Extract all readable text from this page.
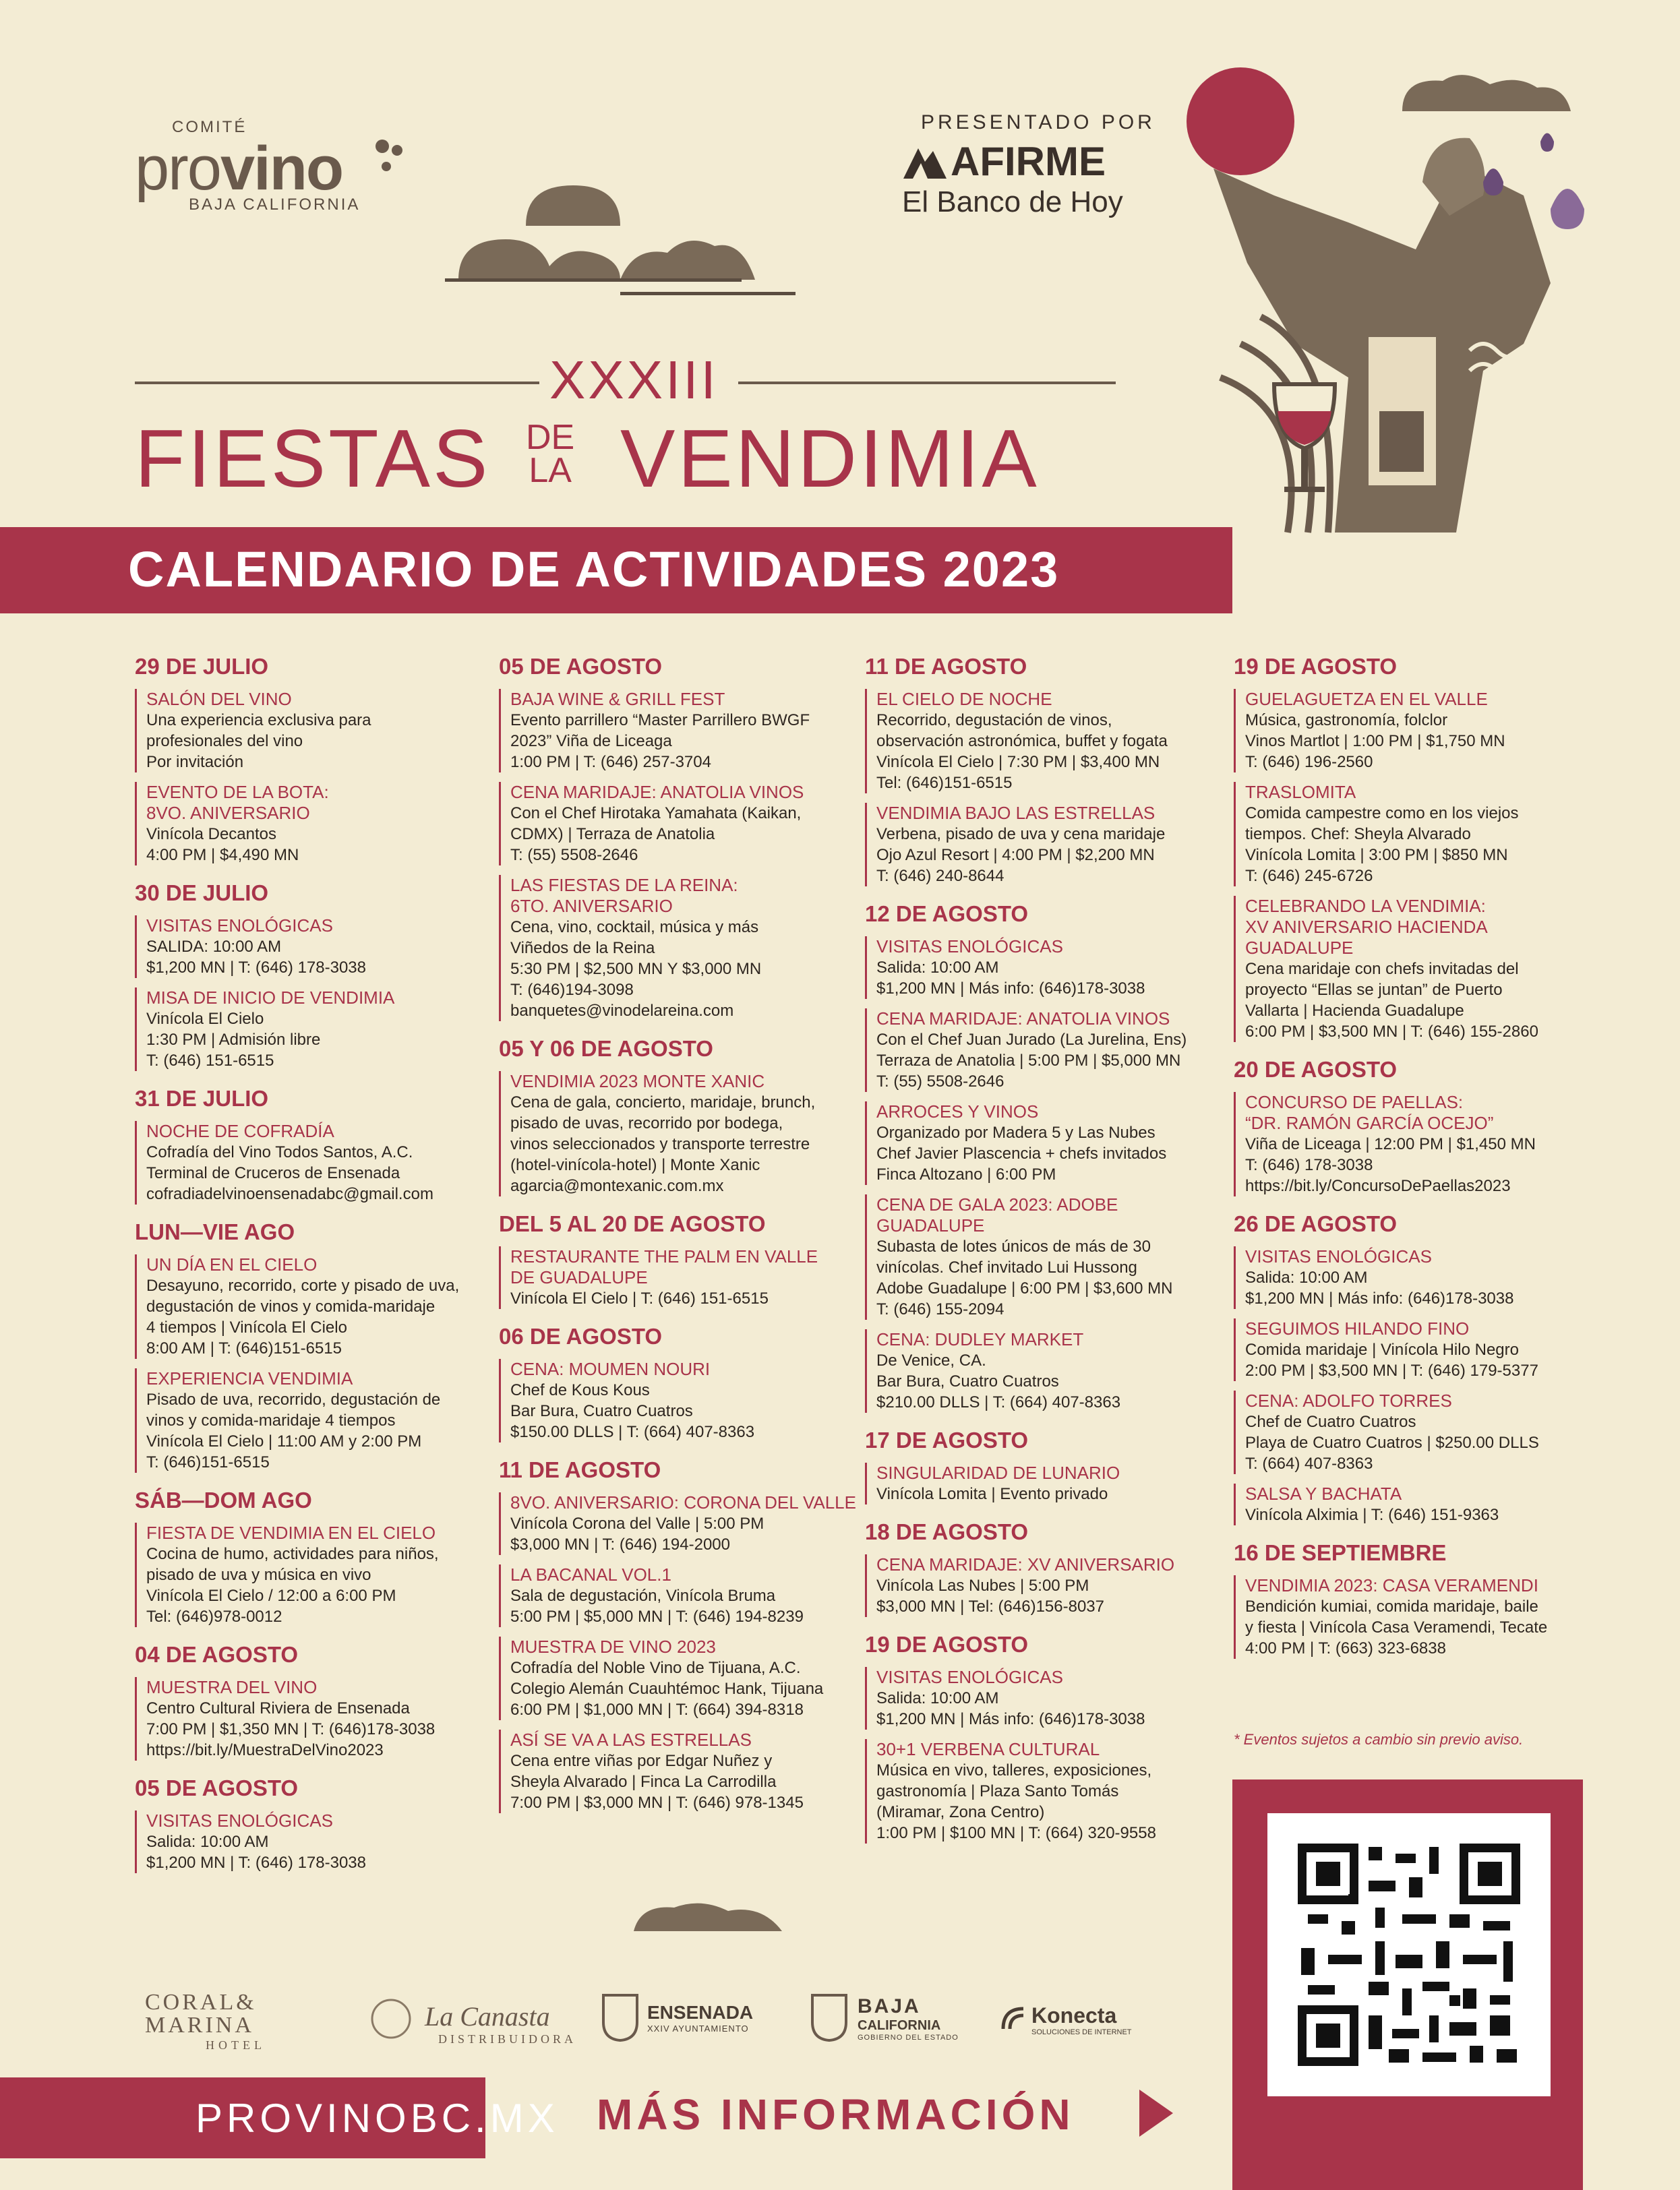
COMITÉ
provino
BAJA CALIFORNIA
PRESENTADO POR
AFIRME
El Banco de Hoy
XXXIII
FIESTAS DE
LA VENDIMIA
CALENDARIO DE ACTIVIDADES 2023
29 DE JULIO
SALÓN DEL VINO
Una experiencia exclusiva para
profesionales del vino
Por invitación
EVENTO DE LA BOTA:
8VO. ANIVERSARIO
Vinícola Decantos
4:00 PM | $4,490 MN
30 DE JULIO
VISITAS ENOLÓGICAS
SALIDA: 10:00 AM
$1,200 MN | T: (646) 178-3038
MISA DE INICIO DE VENDIMIA
Vinícola El Cielo
1:30 PM | Admisión libre
T: (646) 151-6515
31 DE JULIO
NOCHE DE COFRADÍA
Cofradía del Vino Todos Santos, A.C.
Terminal de Cruceros de Ensenada
cofradiadelvinoensenadabc@gmail.com
LUN—VIE AGO
UN DÍA EN EL CIELO
Desayuno, recorrido, corte y pisado de uva,
degustación de vinos y comida-maridaje
4 tiempos | Vinícola El Cielo
8:00 AM | T: (646)151-6515
EXPERIENCIA VENDIMIA
Pisado de uva, recorrido, degustación de
vinos y comida-maridaje 4 tiempos
Vinícola El Cielo | 11:00 AM y 2:00 PM
T: (646)151-6515
SÁB—DOM AGO
FIESTA DE VENDIMIA EN EL CIELO
Cocina de humo, actividades para niños,
pisado de uva y música en vivo
Vinícola El Cielo / 12:00 a 6:00 PM
Tel: (646)978-0012
04 DE AGOSTO
MUESTRA DEL VINO
Centro Cultural Riviera de Ensenada
7:00 PM | $1,350 MN | T: (646)178-3038
https://bit.ly/MuestraDelVino2023
05 DE AGOSTO
VISITAS ENOLÓGICAS
Salida: 10:00 AM
$1,200 MN | T: (646) 178-3038
05 DE AGOSTO
BAJA WINE & GRILL FEST
Evento parrillero “Master Parrillero BWGF
2023” Viña de Liceaga
1:00 PM | T: (646) 257-3704
CENA MARIDAJE: ANATOLIA VINOS
Con el Chef Hirotaka Yamahata (Kaikan,
CDMX) | Terraza de Anatolia
T: (55) 5508-2646
LAS FIESTAS DE LA REINA:
6TO. ANIVERSARIO
Cena, vino, cocktail, música y más
Viñedos de la Reina
5:30 PM | $2,500 MN Y $3,000 MN
T: (646)194-3098
banquetes@vinodelareina.com
05 Y 06 DE AGOSTO
VENDIMIA 2023 MONTE XANIC
Cena de gala, concierto, maridaje, brunch,
pisado de uvas, recorrido por bodega,
vinos seleccionados y transporte terrestre
(hotel-vinícola-hotel) | Monte Xanic
agarcia@montexanic.com.mx
DEL 5 AL 20 DE AGOSTO
RESTAURANTE THE PALM EN VALLE
DE GUADALUPE
Vinícola El Cielo | T: (646) 151-6515
06 DE AGOSTO
CENA: MOUMEN NOURI
Chef de Kous Kous
Bar Bura, Cuatro Cuatros
$150.00 DLLS | T: (664) 407-8363
11 DE AGOSTO
8VO. ANIVERSARIO: CORONA DEL VALLE
Vinícola Corona del Valle | 5:00 PM
$3,000 MN | T: (646) 194-2000
LA BACANAL VOL.1
Sala de degustación, Vinícola Bruma
5:00 PM | $5,000 MN | T: (646) 194-8239
MUESTRA DE VINO 2023
Cofradía del Noble Vino de Tijuana, A.C.
Colegio Alemán Cuauhtémoc Hank, Tijuana
6:00 PM | $1,000 MN | T: (664) 394-8318
ASÍ SE VA A LAS ESTRELLAS
Cena entre viñas por Edgar Nuñez y
Sheyla Alvarado | Finca La Carrodilla
7:00 PM | $3,000 MN | T: (646) 978-1345
11 DE AGOSTO
EL CIELO DE NOCHE
Recorrido, degustación de vinos,
observación astronómica, buffet y fogata
Vinícola El Cielo | 7:30 PM | $3,400 MN
Tel: (646)151-6515
VENDIMIA BAJO LAS ESTRELLAS
Verbena, pisado de uva y cena maridaje
Ojo Azul Resort | 4:00 PM | $2,200 MN
T: (646) 240-8644
12 DE AGOSTO
VISITAS ENOLÓGICAS
Salida: 10:00 AM
$1,200 MN | Más info: (646)178-3038
CENA MARIDAJE: ANATOLIA VINOS
Con el Chef Juan Jurado (La Jurelina, Ens)
Terraza de Anatolia | 5:00 PM | $5,000 MN
T: (55) 5508-2646
ARROCES Y VINOS
Organizado por Madera 5 y Las Nubes
Chef Javier Plascencia + chefs invitados
Finca Altozano | 6:00 PM
CENA DE GALA 2023: ADOBE
GUADALUPE
Subasta de lotes únicos de más de 30
vinícolas. Chef invitado Lui Hussong
Adobe Guadalupe | 6:00 PM | $3,600 MN
T: (646) 155-2094
CENA: DUDLEY MARKET
De Venice, CA.
Bar Bura, Cuatro Cuatros
$210.00 DLLS | T: (664) 407-8363
17 DE AGOSTO
SINGULARIDAD DE LUNARIO
Vinícola Lomita | Evento privado
18 DE AGOSTO
CENA MARIDAJE: XV ANIVERSARIO
Vinícola Las Nubes | 5:00 PM
$3,000 MN | Tel: (646)156-8037
19 DE AGOSTO
VISITAS ENOLÓGICAS
Salida: 10:00 AM
$1,200 MN | Más info: (646)178-3038
30+1 VERBENA CULTURAL
Música en vivo, talleres, exposiciones,
gastronomía | Plaza Santo Tomás
(Miramar, Zona Centro)
1:00 PM | $100 MN | T: (664) 320-9558
19 DE AGOSTO
GUELAGUETZA EN EL VALLE
Música, gastronomía, folclor
Vinos Martlot | 1:00 PM | $1,750 MN
T: (646) 196-2560
TRASLOMITA
Comida campestre como en los viejos
tiempos. Chef: Sheyla Alvarado
Vinícola Lomita | 3:00 PM | $850 MN
T: (646) 245-6726
CELEBRANDO LA VENDIMIA:
XV ANIVERSARIO HACIENDA GUADALUPE
Cena maridaje con chefs invitadas del
proyecto “Ellas se juntan” de Puerto
Vallarta | Hacienda Guadalupe
6:00 PM | $3,500 MN | T: (646) 155-2860
20 DE AGOSTO
CONCURSO DE PAELLAS:
“DR. RAMÓN GARCÍA OCEJO”
Viña de Liceaga | 12:00 PM | $1,450 MN
T: (646) 178-3038
https://bit.ly/ConcursoDePaellas2023
26 DE AGOSTO
VISITAS ENOLÓGICAS
Salida: 10:00 AM
$1,200 MN | Más info: (646)178-3038
SEGUIMOS HILANDO FINO
Comida maridaje | Vinícola Hilo Negro
2:00 PM | $3,500 MN | T: (646) 179-5377
CENA: ADOLFO TORRES
Chef de Cuatro Cuatros
Playa de Cuatro Cuatros | $250.00 DLLS
T: (664) 407-8363
SALSA Y BACHATA
Vinícola Alximia | T: (646) 151-9363
16 DE SEPTIEMBRE
VENDIMIA 2023: CASA VERAMENDI
Bendición kumiai, comida maridaje, baile
y fiesta | Vinícola Casa Veramendi, Tecate
4:00 PM | T: (663) 323-6838
* Eventos sujetos a cambio sin previo aviso.
CORAL&
MARINA
HOTEL
La Canasta
DISTRIBUIDORA
ENSENADA
XXIV AYUNTAMIENTO
BAJA
CALIFORNIA
GOBIERNO DEL ESTADO
Konecta
SOLUCIONES DE INTERNET
PROVINOBC.MX MÁS INFORMACIÓN
